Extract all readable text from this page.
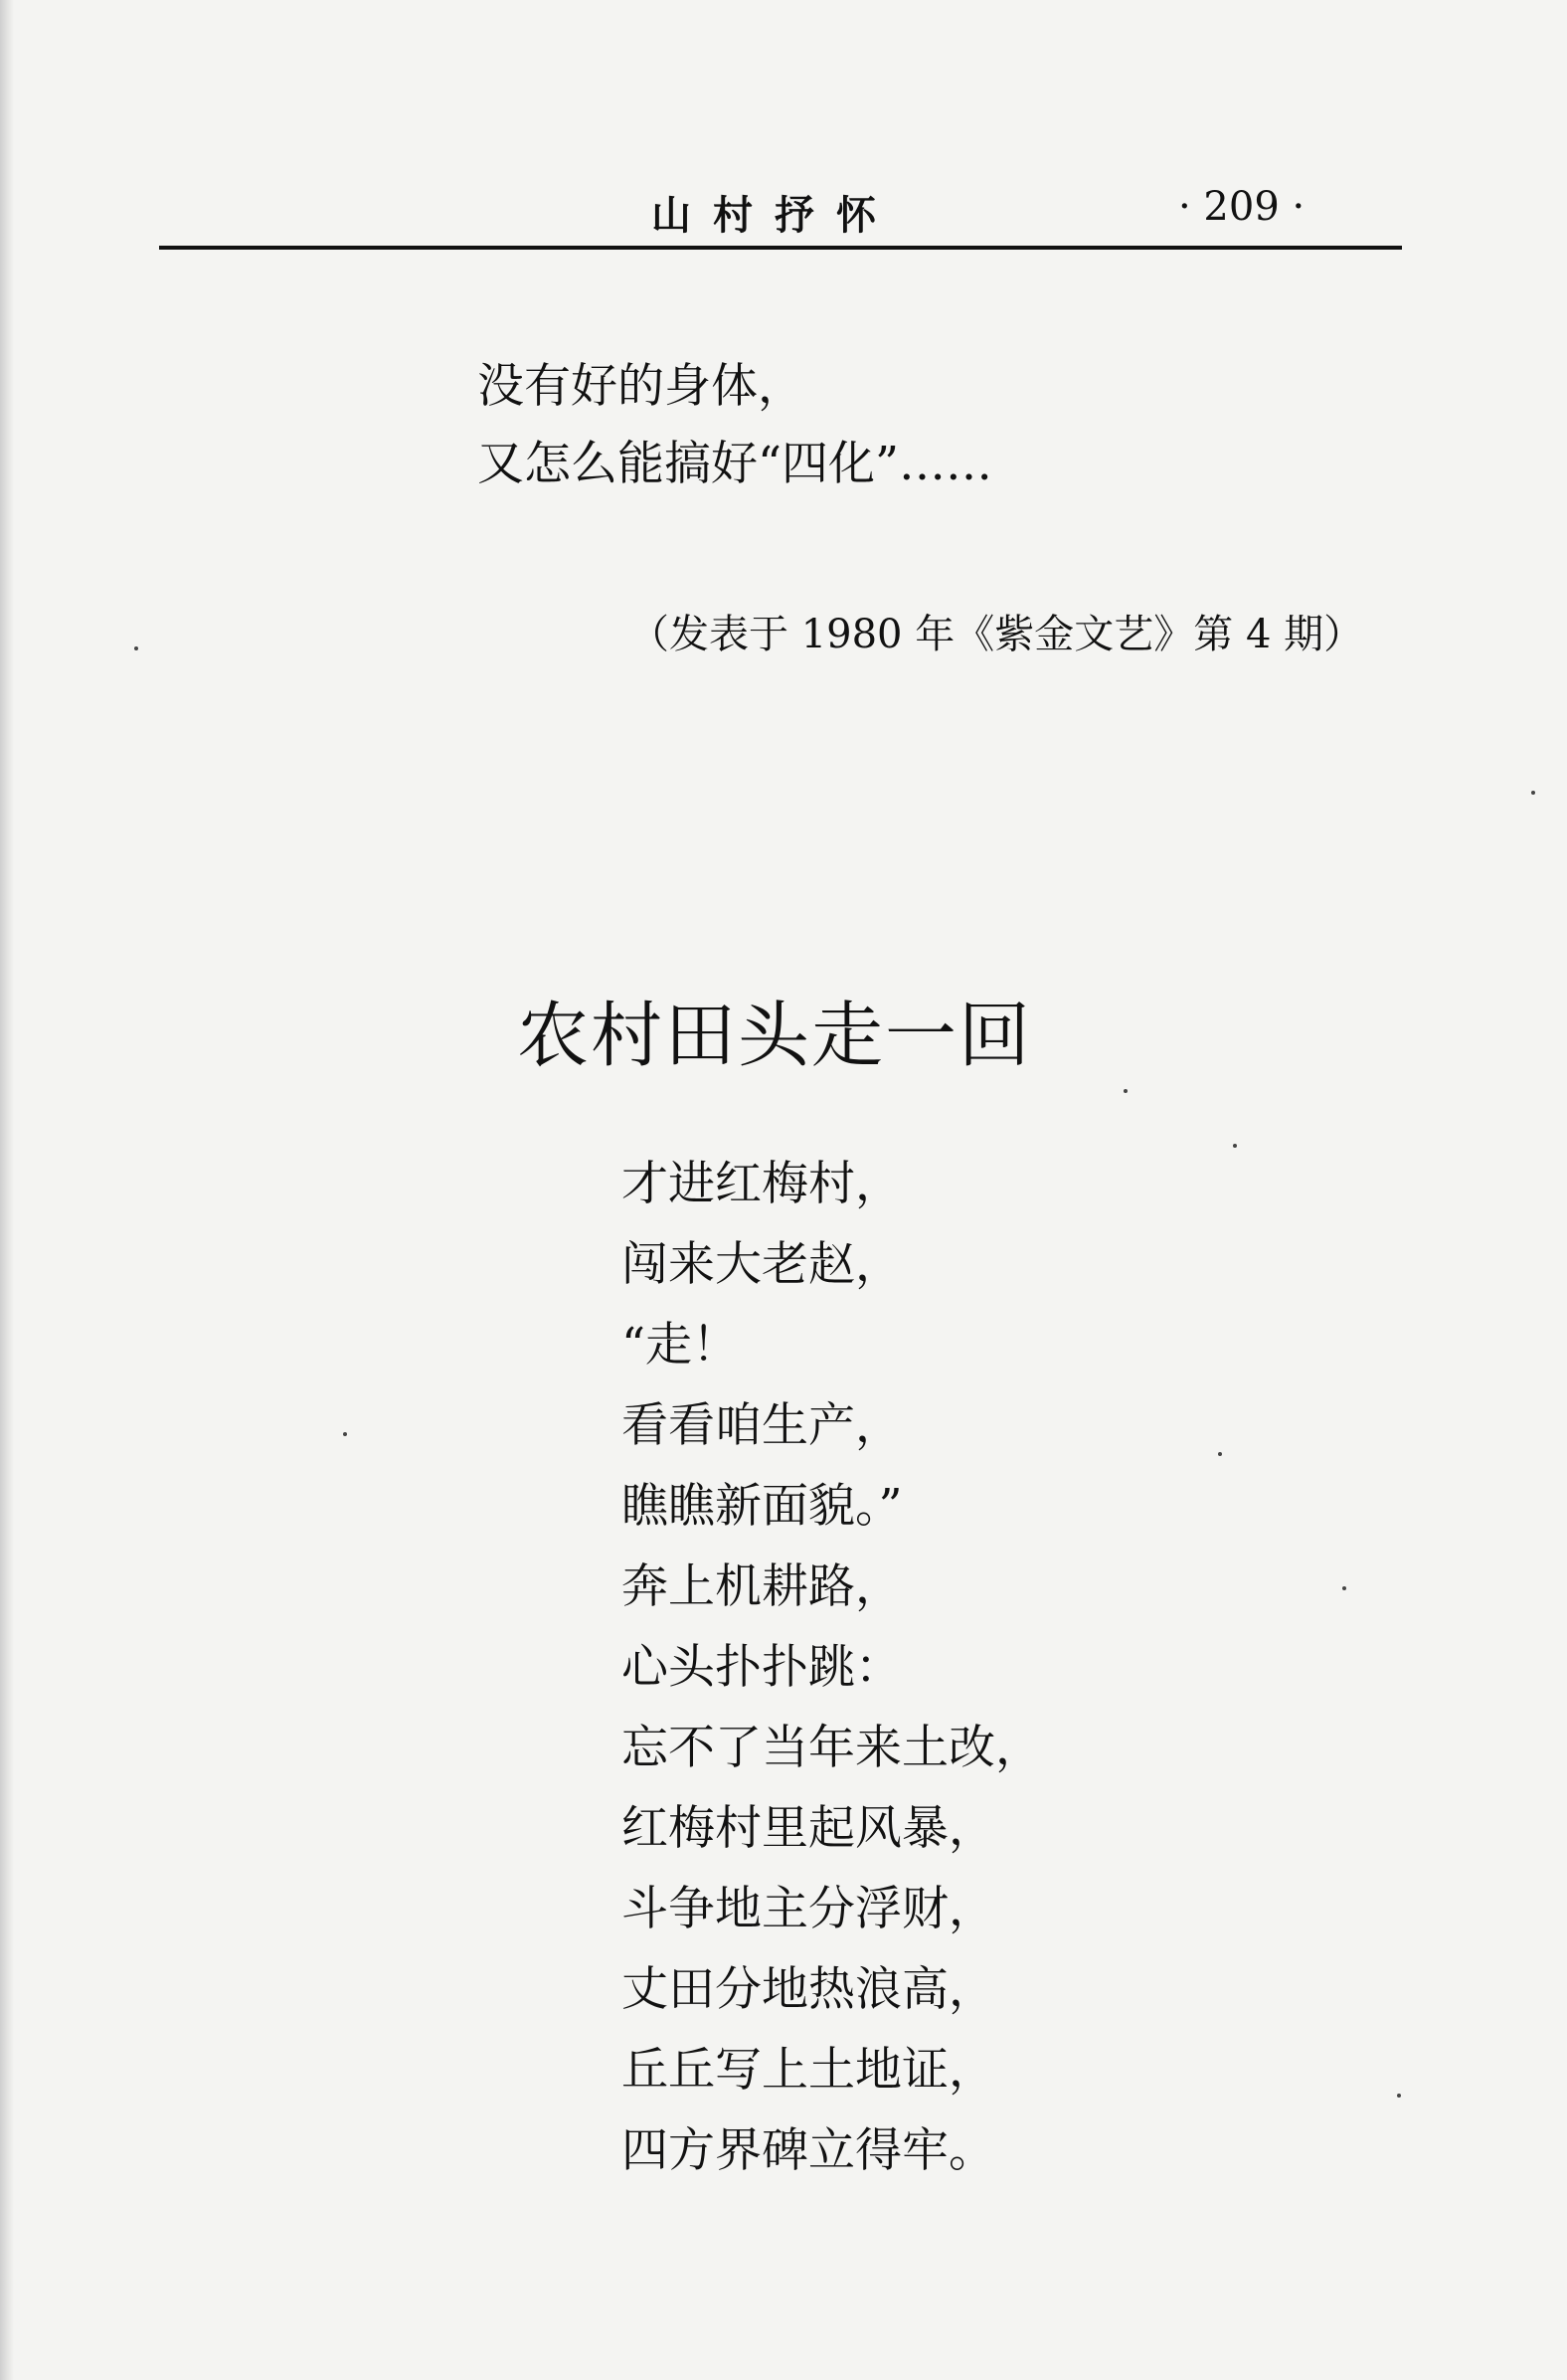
山村抒怀	· 209 ·
没有好的身体，
又怎么能搞好“四化”……
（发表于 1980 年《紫金文艺》第 4 期）
农村田头走一回
才进红梅村，
闯来大老赵，
“走！
看看咱生产，
瞧瞧新面貌。”
奔上机耕路，
心头扑扑跳：
忘不了当年来土改，
红梅村里起风暴，
斗争地主分浮财，
丈田分地热浪高，
丘丘写上土地证，
四方界碑立得牢。
